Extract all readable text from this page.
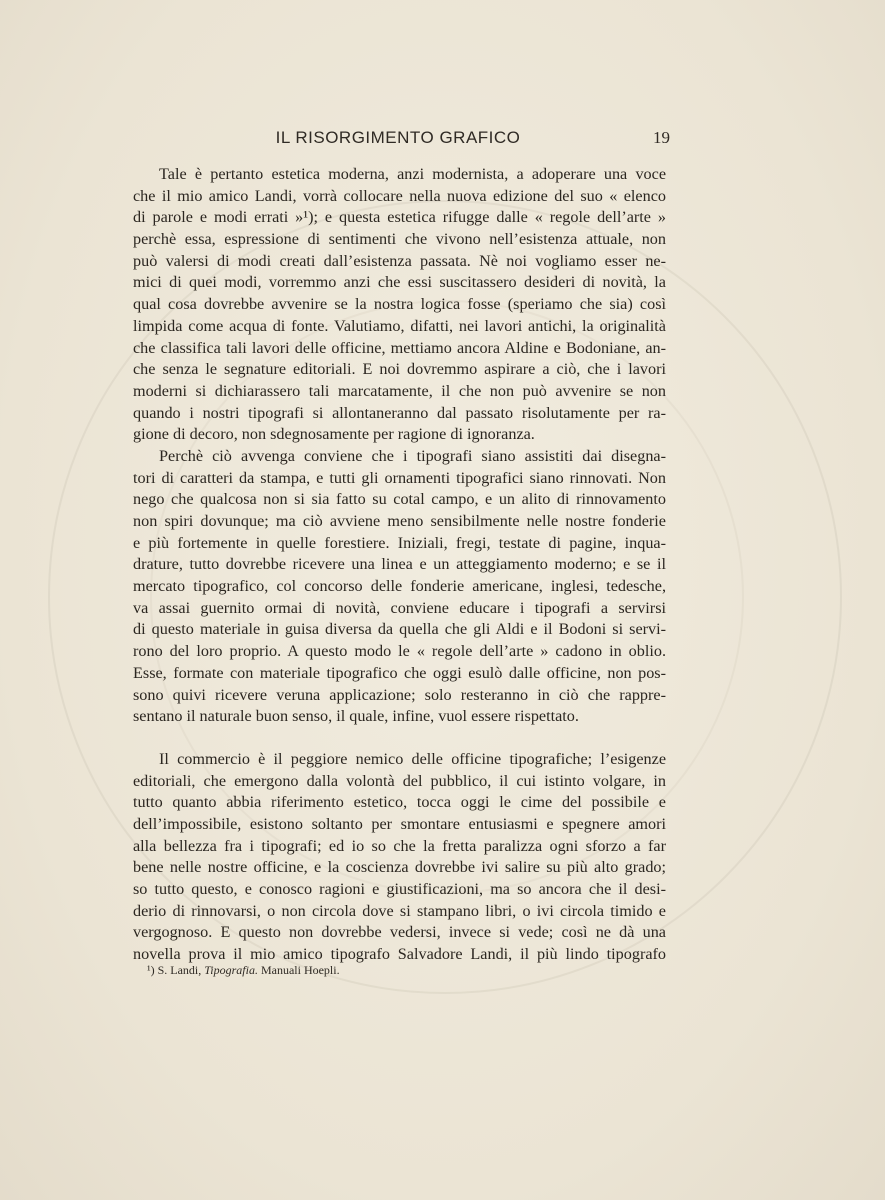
IL RISORGIMENTO GRAFICO	19
Tale è pertanto estetica moderna, anzi modernista, a adoperare una voce
che il mio amico Landi, vorrà collocare nella nuova edizione del suo « elenco
di parole e modi errati »¹); e questa estetica rifugge dalle « regole dell’arte »
perchè essa, espressione di sentimenti che vivono nell’esistenza attuale, non
può valersi di modi creati dall’esistenza passata. Nè noi vogliamo esser ne-
mici di quei modi, vorremmo anzi che essi suscitassero desideri di novità, la
qual cosa dovrebbe avvenire se la nostra logica fosse (speriamo che sia) così
limpida come acqua di fonte. Valutiamo, difatti, nei lavori antichi, la originalità
che classifica tali lavori delle officine, mettiamo ancora Aldine e Bodoniane, an-
che senza le segnature editoriali. E noi dovremmo aspirare a ciò, che i lavori
moderni si dichiarassero tali marcatamente, il che non può avvenire se non
quando i nostri tipografi si allontaneranno dal passato risolutamente per ra-
gione di decoro, non sdegnosamente per ragione di ignoranza.
Perchè ciò avvenga conviene che i tipografi siano assistiti dai disegna-
tori di caratteri da stampa, e tutti gli ornamenti tipografici siano rinnovati. Non
nego che qualcosa non si sia fatto su cotal campo, e un alito di rinnovamento
non spiri dovunque; ma ciò avviene meno sensibilmente nelle nostre fonderie
e più fortemente in quelle forestiere. Iniziali, fregi, testate di pagine, inqua-
drature, tutto dovrebbe ricevere una linea e un atteggiamento moderno; e se il
mercato tipografico, col concorso delle fonderie americane, inglesi, tedesche,
va assai guernito ormai di novità, conviene educare i tipografi a servirsi
di questo materiale in guisa diversa da quella che gli Aldi e il Bodoni si servi-
rono del loro proprio. A questo modo le « regole dell’arte » cadono in oblio.
Esse, formate con materiale tipografico che oggi esulò dalle officine, non pos-
sono quivi ricevere veruna applicazione; solo resteranno in ciò che rappre-
sentano il naturale buon senso, il quale, infine, vuol essere rispettato.
Il commercio è il peggiore nemico delle officine tipografiche; l’esigenze
editoriali, che emergono dalla volontà del pubblico, il cui istinto volgare, in
tutto quanto abbia riferimento estetico, tocca oggi le cime del possibile e
dell’impossibile, esistono soltanto per smontare entusiasmi e spegnere amori
alla bellezza fra i tipografi; ed io so che la fretta paralizza ogni sforzo a far
bene nelle nostre officine, e la coscienza dovrebbe ivi salire su più alto grado;
so tutto questo, e conosco ragioni e giustificazioni, ma so ancora che il desi-
derio di rinnovarsi, o non circola dove si stampano libri, o ivi circola timido e
vergognoso. E questo non dovrebbe vedersi, invece si vede; così ne dà una
novella prova il mio amico tipografo Salvadore Landi, il più lindo tipografo
¹) S. Landi, Tipografia. Manuali Hoepli.
